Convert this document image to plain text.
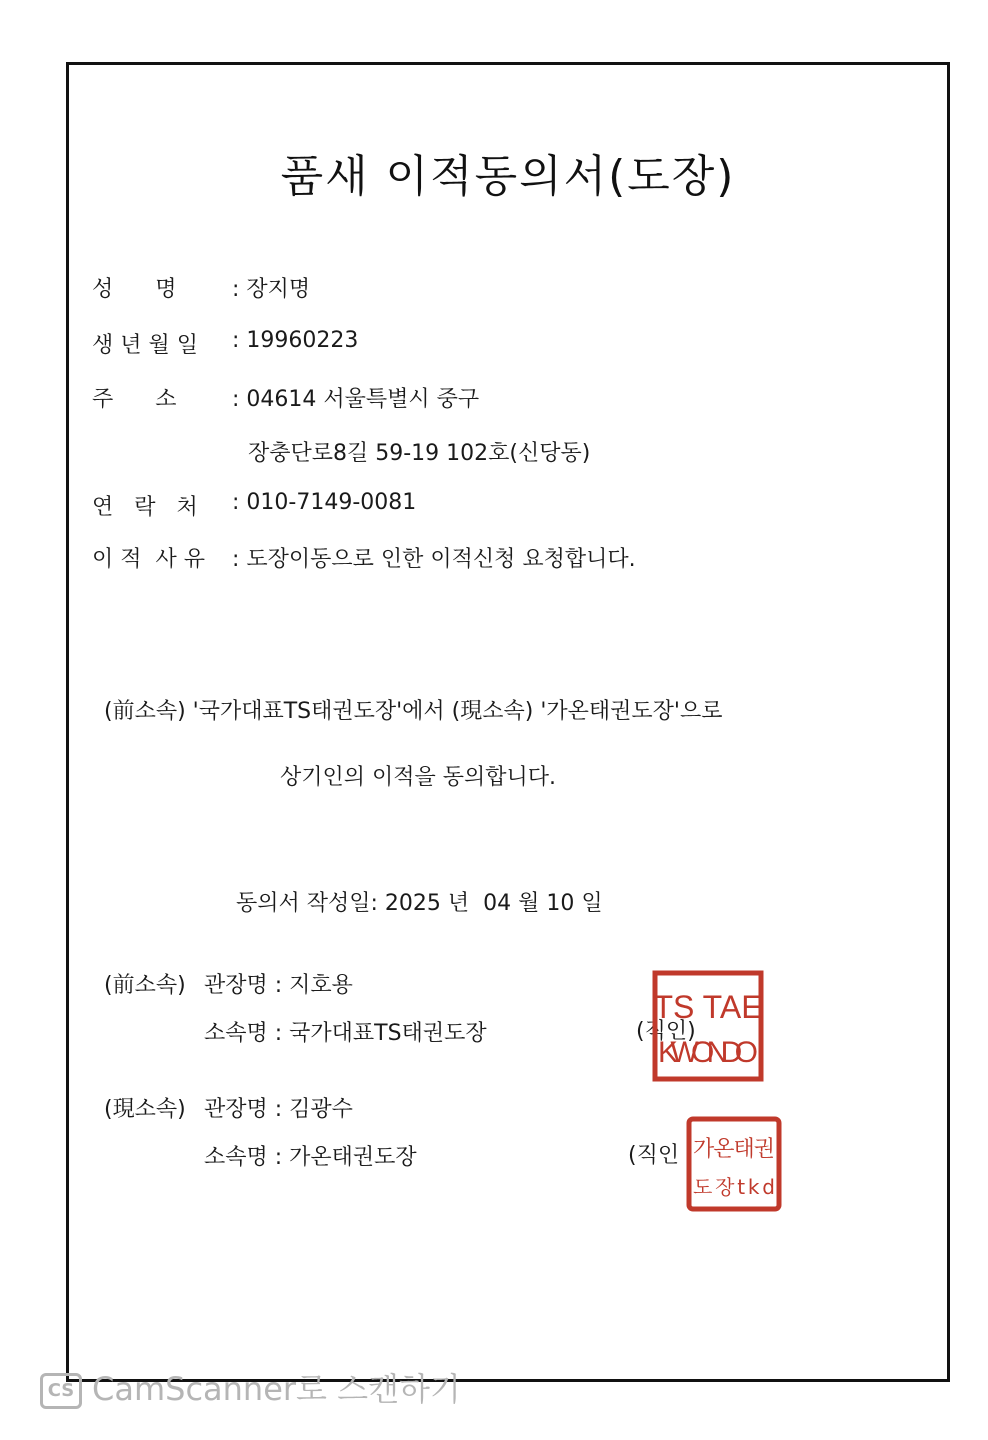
품새 이적동의서(도장)
성      명	: 장지명
생 년 월 일 : 19960223
주      소	: 04614 서울특별시 중구
장충단로8길 59-19 102호(신당동)
연   락   처 : 010-7149-0081
이 적  사 유 : 도장이동으로 인한 이적신청 요청합니다.
(前소속) '국가대표TS태권도장'에서 (現소속) '가온태권도장'으로
상기인의 이적을 동의합니다.
동의서 작성일: 2025 년  04 월 10 일
(前소속) 관장명 : 지호용
소속명 : 국가대표TS태권도장	(직인)
TS TAE
KWONDO
(現소속) 관장명 : 김광수
소속명 : 가온태권도장	(직인 가온태권
도장tkd
CS CamScanner로 스캔하기
